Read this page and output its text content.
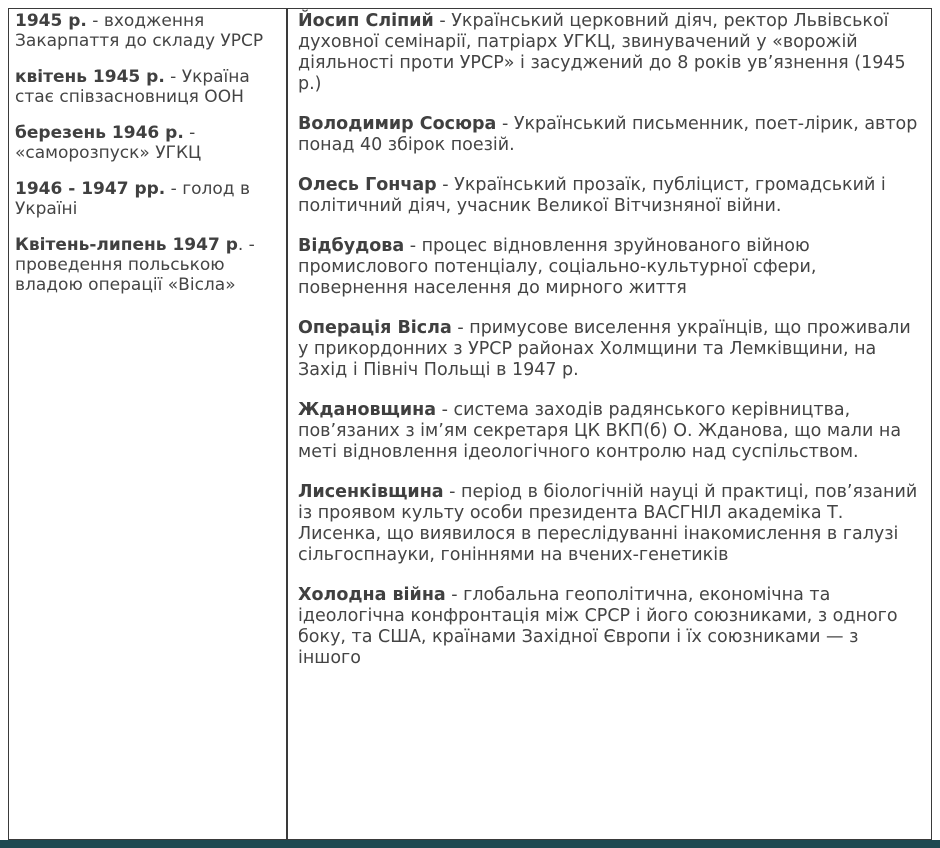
1945 р. - входження Закарпаття до складу УРСР

квітень 1945 р. - Україна стає співзасновниця ООН

березень 1946 р. - «саморозпуск» УГКЦ

1946 - 1947 рр. - голод в Україні

Квітень-липень 1947 р. - проведення польською владою операції «Вісла»

Йосип Сліпий - Український церковний діяч, ректор Львівської духовної семінарії, патріарх УГКЦ, звинувачений у «ворожій діяльності проти УРСР» і засуджений до 8 років ув’язнення (1945 р.)

Володимир Сосюра - Український письменник, поет-лірик, автор понад 40 збірок поезій.

Олесь Гончар - Український прозаїк, публіцист, громадський і політичний діяч, учасник Великої Вітчизняної війни.

Відбудова - процес відновлення зруйнованого війною промислового потенціалу, соціально-культурної сфери, повернення населення до мирного життя

Операція Вісла - примусове виселення українців, що проживали у прикордонних з УРСР районах Холмщини та Лемківщини, на Захід і Північ Польщі в 1947 р.

Ждановщина - система заходів радянського керівництва, пов’язаних з ім’ям секретаря ЦК ВКП(б) О. Жданова, що мали на меті відновлення ідеологічного контролю над суспільством.

Лисенківщина - період в біологічній науці й практиці, пов’язаний із проявом культу особи президента ВАСГНІЛ академіка Т. Лисенка, що виявилося в переслідуванні інакомислення в галузі сільгоспнауки, гоніннями на вчених-генетиків

Холодна війна - глобальна геополітична, економічна та ідеологічна конфронтація між СРСР і його союзниками, з одного боку, та США, країнами Західної Європи і їх союзниками — з іншого
